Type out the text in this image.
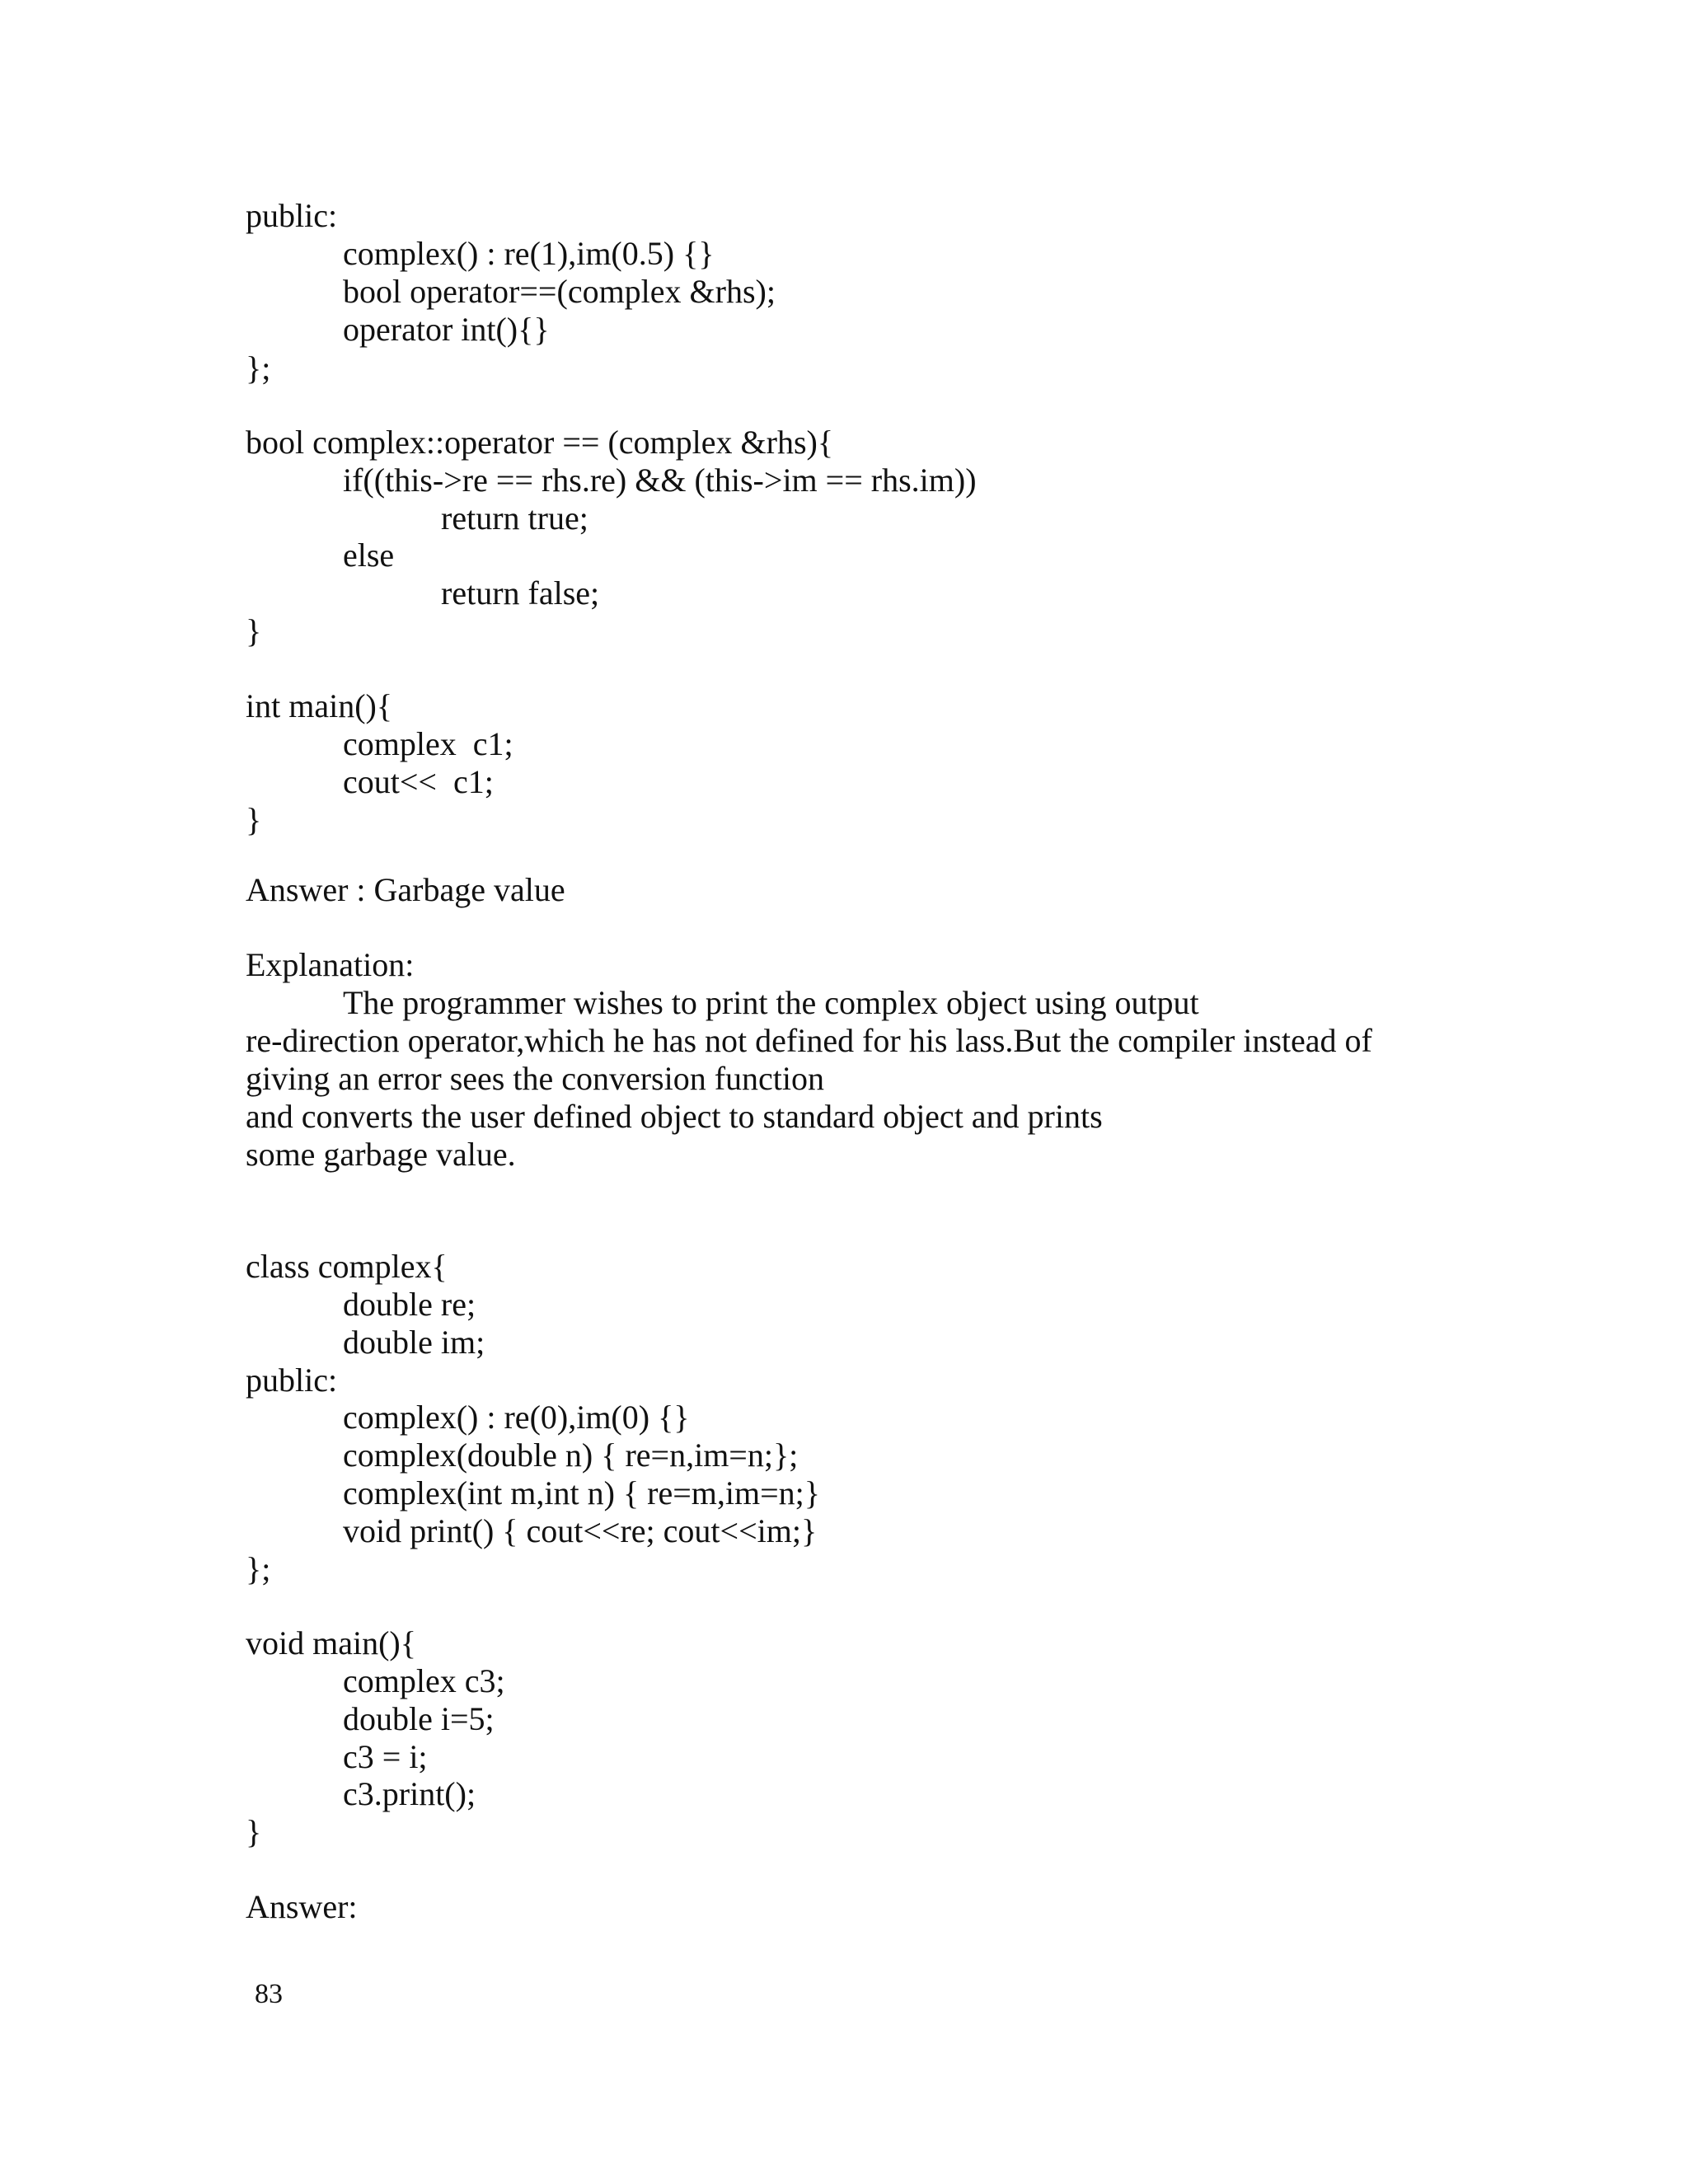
public:
complex() : re(1),im(0.5) {}
bool operator==(complex &rhs);
operator int(){}
};
bool complex::operator == (complex &rhs){
if((this->re == rhs.re) && (this->im == rhs.im))
return true;
else
return false;
}
int main(){
complex  c1;
cout<<  c1;
}
Answer : Garbage value
Explanation:
The programmer wishes to print the complex object using output
re-direction operator,which he has not defined for his lass.But the compiler instead of
giving an error sees the conversion function
and converts the user defined object to standard object and prints
some garbage value.
class complex{
double re;
double im;
public:
complex() : re(0),im(0) {}
complex(double n) { re=n,im=n;};
complex(int m,int n) { re=m,im=n;}
void print() { cout<<re; cout<<im;}
};
void main(){
complex c3;
double i=5;
c3 = i;
c3.print();
}
Answer:
83
